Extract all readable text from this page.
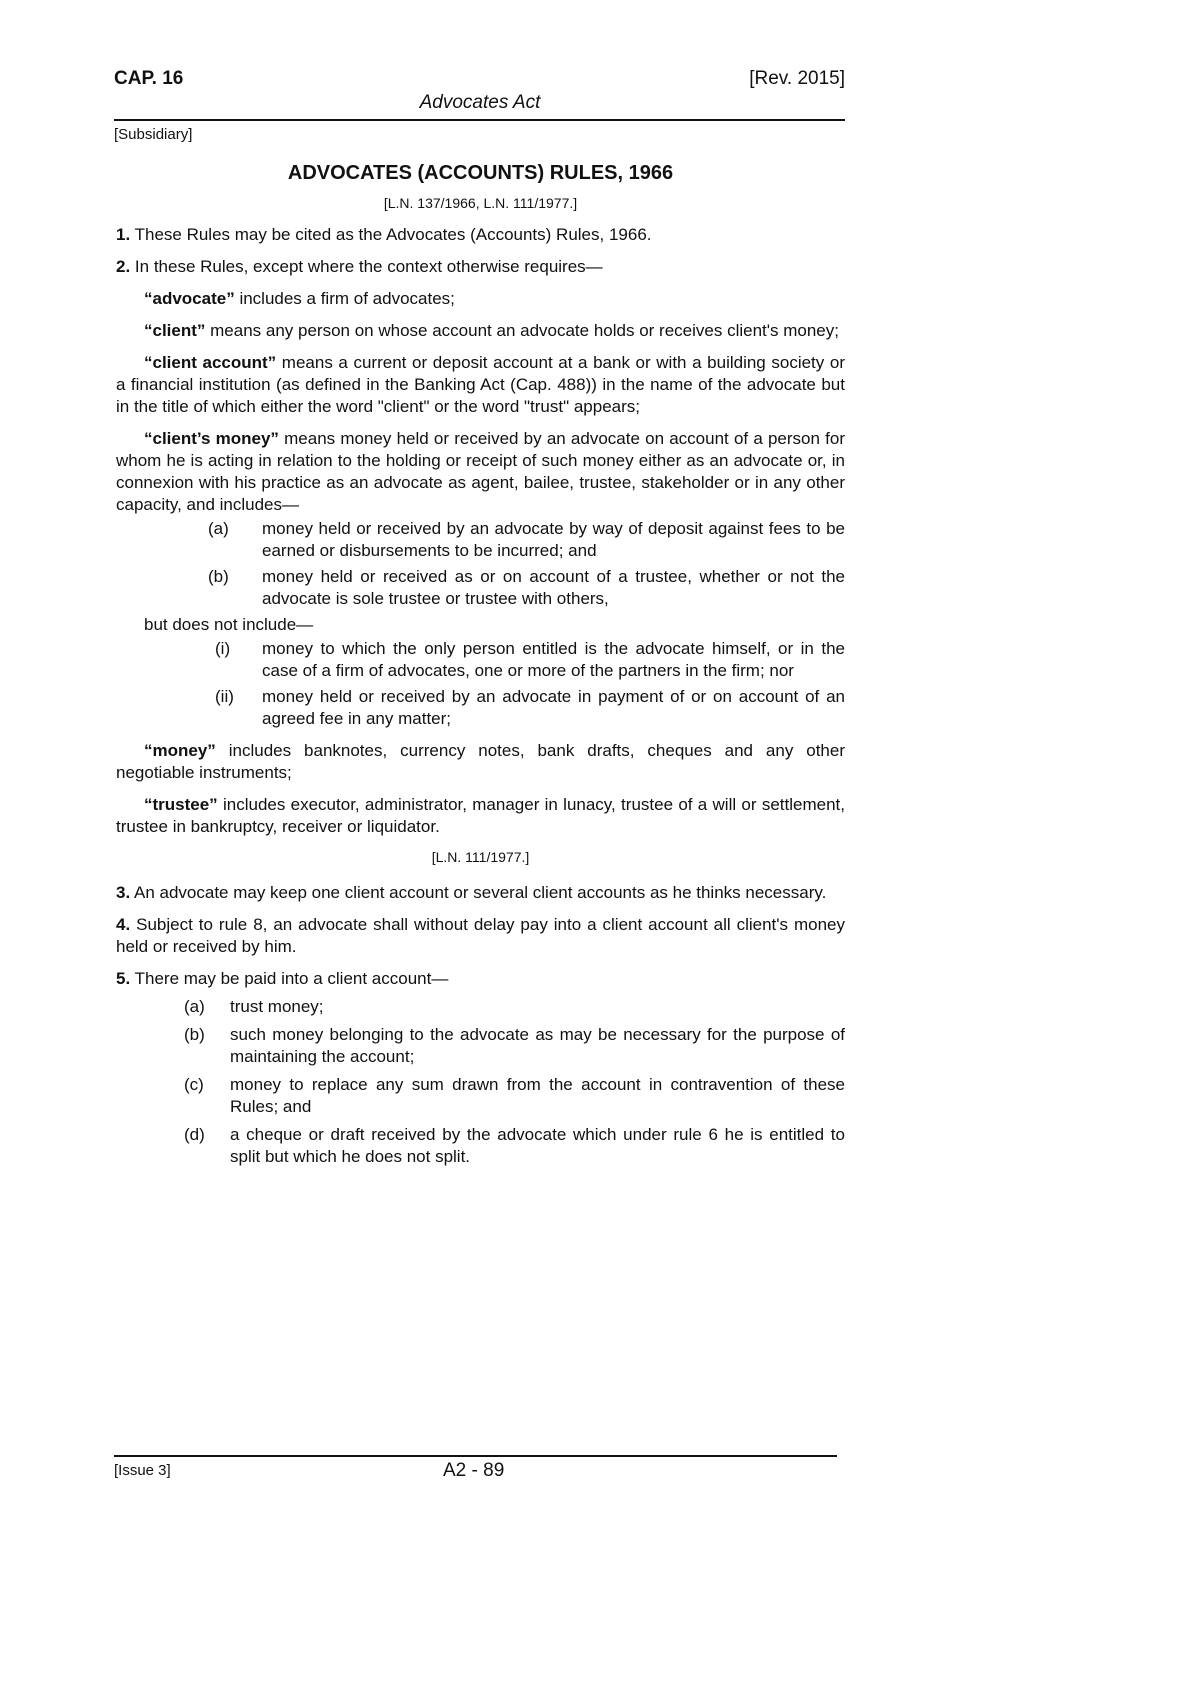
CAP. 16	[Rev. 2015]
Advocates Act
[Subsidiary]
ADVOCATES (ACCOUNTS) RULES, 1966
[L.N. 137/1966, L.N. 111/1977.]

1. These Rules may be cited as the Advocates (Accounts) Rules, 1966.

2. In these Rules, except where the context otherwise requires—

“advocate” includes a firm of advocates;

“client” means any person on whose account an advocate holds or receives client's money;

“client account” means a current or deposit account at a bank or with a building society or a financial institution (as defined in the Banking Act (Cap. 488)) in the name of the advocate but in the title of which either the word "client" or the word "trust" appears;

“client’s money” means money held or received by an advocate on account of a person for whom he is acting in relation to the holding or receipt of such money either as an advocate or, in connexion with his practice as an advocate as agent, bailee, trustee, stakeholder or in any other capacity, and includes—

(a)	money held or received by an advocate by way of deposit against fees to be earned or disbursements to be incurred; and
(b)	money held or received as or on account of a trustee, whether or not the advocate is sole trustee or trustee with others,
but does not include—
(i)	money to which the only person entitled is the advocate himself, or in the case of a firm of advocates, one or more of the partners in the firm; nor
(ii)	money held or received by an advocate in payment of or on account of an agreed fee in any matter;

“money” includes banknotes, currency notes, bank drafts, cheques and any other negotiable instruments;

“trustee” includes executor, administrator, manager in lunacy, trustee of a will or settlement, trustee in bankruptcy, receiver or liquidator.

[L.N. 111/1977.]

3. An advocate may keep one client account or several client accounts as he thinks necessary.

4. Subject to rule 8, an advocate shall without delay pay into a client account all client's money held or received by him.

5. There may be paid into a client account—

(a)	trust money;
(b)	such money belonging to the advocate as may be necessary for the purpose of maintaining the account;
(c)	money to replace any sum drawn from the account in contravention of these Rules; and
(d)	a cheque or draft received by the advocate which under rule 6 he is entitled to split but which he does not split.
[Issue 3]	A2 - 89
